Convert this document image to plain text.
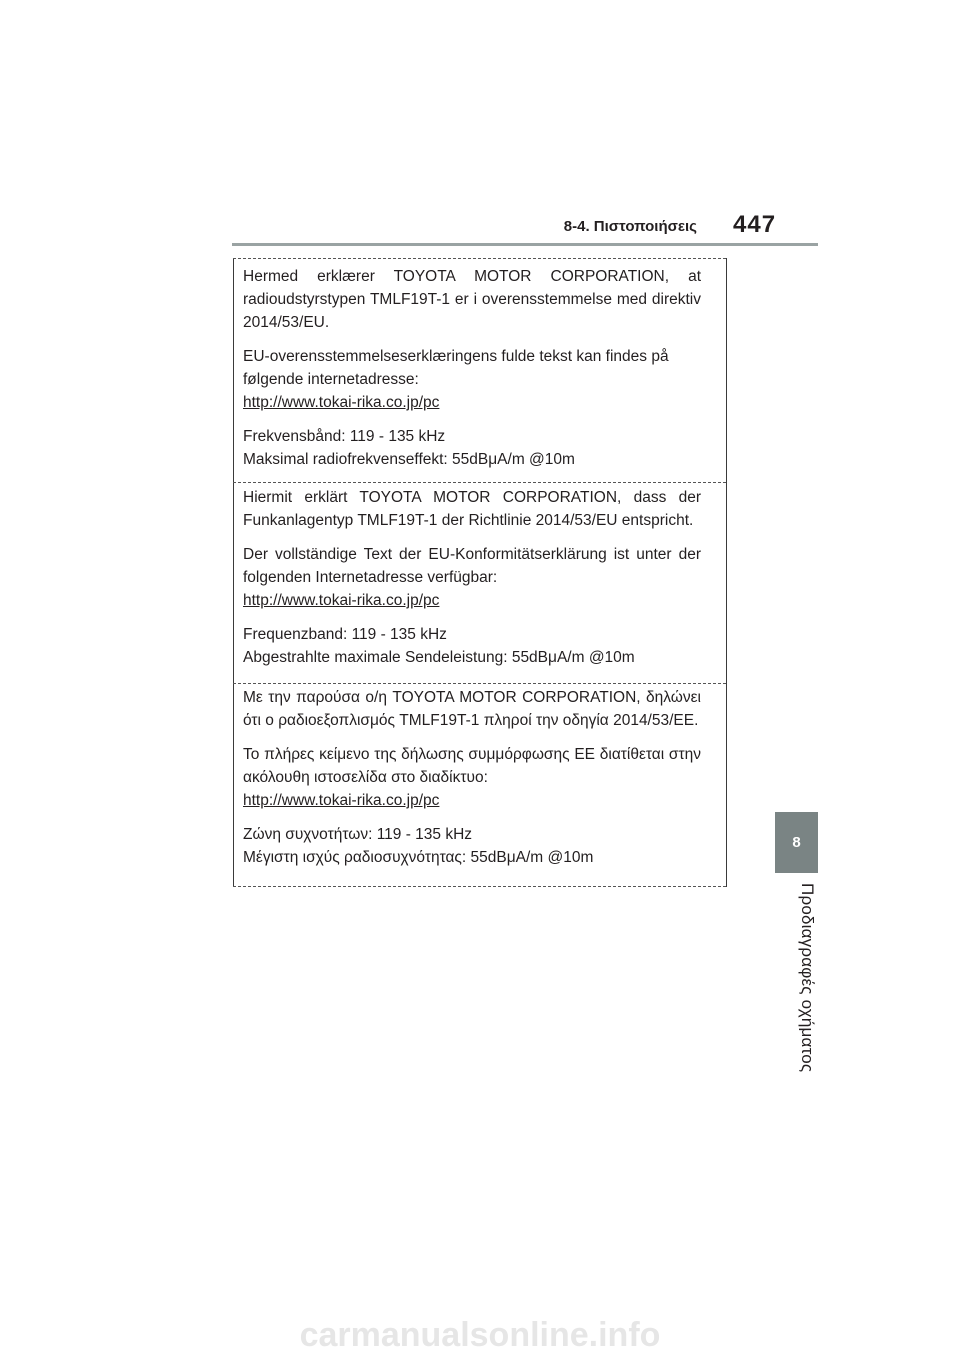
8-4. Πιστοποιήσεις 447
8
Προδιαγραφές οχήματος

Hermed erklærer TOYOTA MOTOR CORPORATION, at radioudstyrstypen TMLF19T-1 er i overensstemmelse med direktiv 2014/53/EU.

EU-overensstemmelseserklæringens fulde tekst kan findes på følgende internetadresse:

http://www.tokai-rika.co.jp/pc

Frekvensbånd: 119 - 135 kHz

Maksimal radiofrekvenseffekt: 55dBμA/m @10m

Hiermit erklärt TOYOTA MOTOR CORPORATION, dass der Funkanlagentyp TMLF19T-1 der Richtlinie 2014/53/EU entspricht.

Der vollständige Text der EU-Konformitätserklärung ist unter der folgenden Internetadresse verfügbar:

http://www.tokai-rika.co.jp/pc

Frequenzband: 119 - 135 kHz

Abgestrahlte maximale Sendeleistung: 55dBμA/m @10m

Με την παρούσα ο/η TOYOTA MOTOR CORPORATION, δηλώνει ότι ο ραδιοεξοπλισμός TMLF19T-1 πληροί την οδηγία 2014/53/ΕΕ.

Το πλήρες κείμενο της δήλωσης συμμόρφωσης ΕΕ διατίθεται στην ακόλουθη ιστοσελίδα στο διαδίκτυο:

http://www.tokai-rika.co.jp/pc

Ζώνη συχνοτήτων: 119 - 135 kHz

Μέγιστη ισχύς ραδιοσυχνότητας: 55dBμA/m @10m

carmanualsonline.info
